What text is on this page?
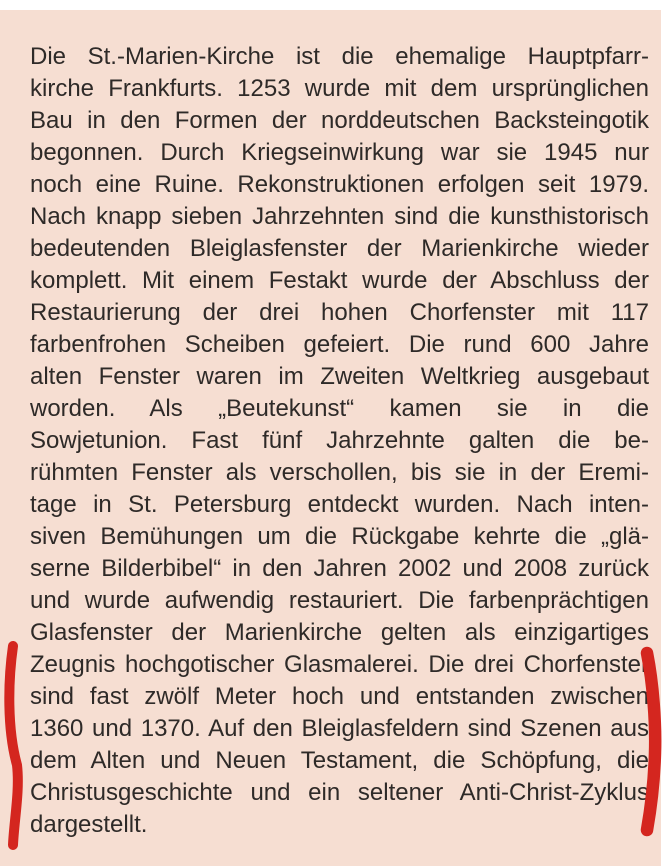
Die St.-Marien-Kirche ist die ehemalige Hauptpfarr-
kirche Frankfurts. 1253 wurde mit dem ursprünglichen
Bau in den Formen der norddeutschen Backsteingotik
begonnen. Durch Kriegseinwirkung war sie 1945 nur
noch eine Ruine. Rekonstruktionen erfolgen seit 1979.
Nach knapp sieben Jahrzehnten sind die kunsthistorisch
bedeutenden Bleiglasfenster der Marienkirche wieder
komplett. Mit einem Festakt wurde der Abschluss der
Restaurierung der drei hohen Chorfenster mit 117
farbenfrohen Scheiben gefeiert. Die rund 600 Jahre
alten Fenster waren im Zweiten Weltkrieg ausgebaut
worden. Als „Beutekunst“ kamen sie in die
Sowjetunion. Fast fünf Jahrzehnte galten die be-
rühmten Fenster als verschollen, bis sie in der Eremi-
tage in St. Petersburg entdeckt wurden. Nach inten-
siven Bemühungen um die Rückgabe kehrte die „glä-
serne Bilderbibel“ in den Jahren 2002 und 2008 zurück
und wurde aufwendig restauriert. Die farbenprächtigen
Glasfenster der Marienkirche gelten als einzigartiges
Zeugnis hochgotischer Glasmalerei. Die drei Chorfenster
sind fast zwölf Meter hoch und entstanden zwischen
1360 und 1370. Auf den Bleiglasfeldern sind Szenen aus
dem Alten und Neuen Testament, die Schöpfung, die
Christusgeschichte und ein seltener Anti-Christ-Zyklus
dargestellt.
